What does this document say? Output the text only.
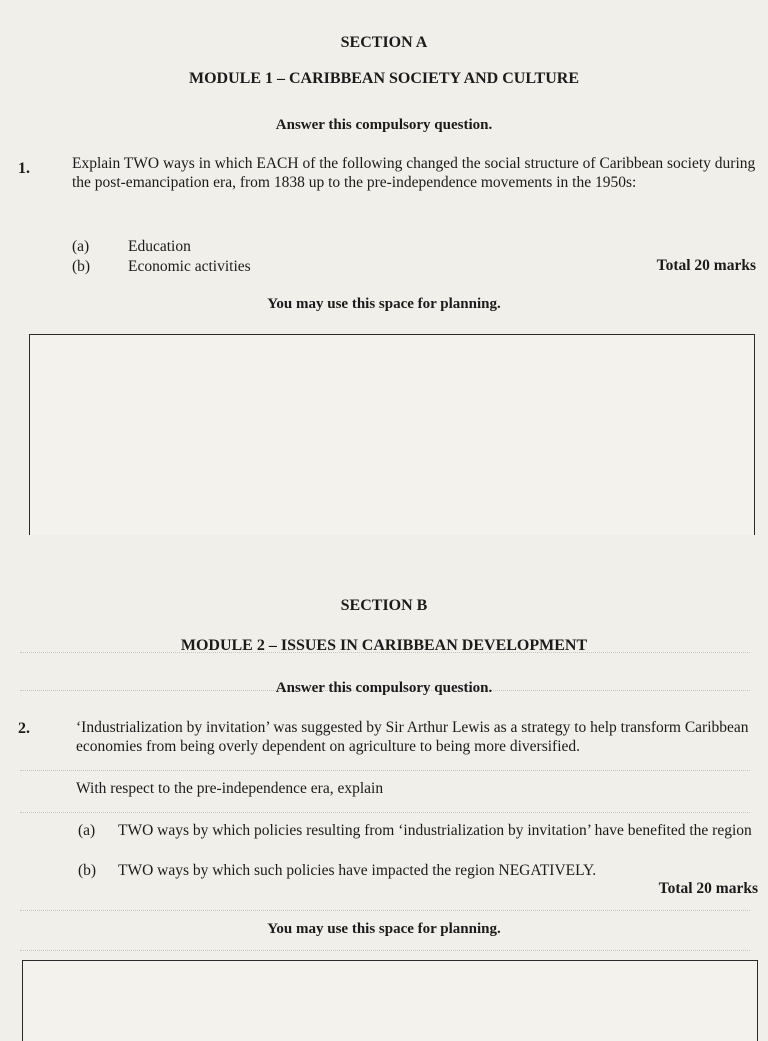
SECTION A
MODULE 1 – CARIBBEAN SOCIETY AND CULTURE
Answer this compulsory question.
1.	Explain TWO ways in which EACH of the following changed the social structure of Caribbean society during the post-emancipation era, from 1838 up to the pre-independence movements in the 1950s:
(a)	Education
(b) Economic activities	Total 20 marks
You may use this space for planning.
SECTION B
MODULE 2 – ISSUES IN CARIBBEAN DEVELOPMENT
Answer this compulsory question.
2.	‘Industrialization by invitation’ was suggested by Sir Arthur Lewis as a strategy to help transform Caribbean economies from being overly dependent on agriculture to being more diversified.
With respect to the pre-independence era, explain
(a) TWO ways by which policies resulting from ‘industrialization by invitation’ have benefited the region
(b) TWO ways by which such policies have impacted the region NEGATIVELY.
Total 20 marks
You may use this space for planning.
